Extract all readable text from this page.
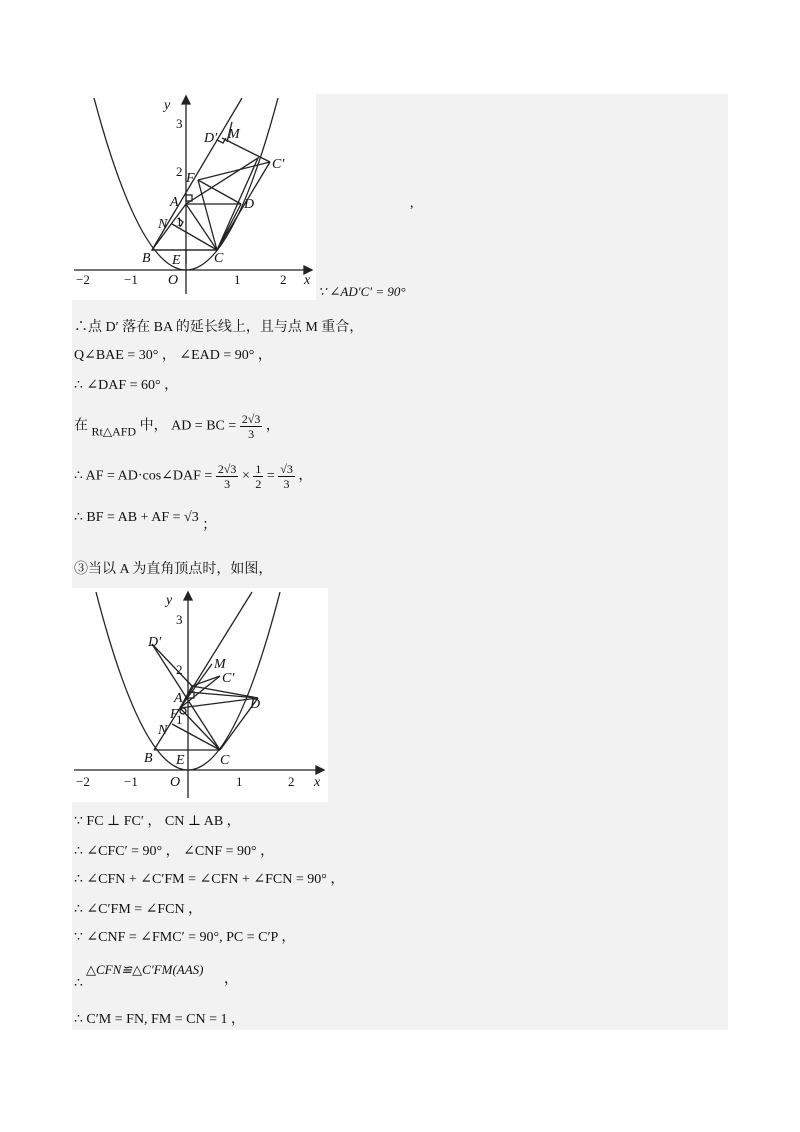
y
x
O
3
2
1
−2	−1	1	2
D′ M
C′
F
A	D
N
B E C
,
∵ ∠AD′C′ = 90°
∴点 D′ 落在 BA 的延长线上，且与点 M 重合，
Q∠BAE = 30° ， ∠EAD = 90° ，
∴ ∠DAF = 60° ，
在 Rt△AFD 中， AD = BC = $\frac{2√3}{3}$ ，
∴ AF = AD·cos∠DAF = $\frac{2√3}{3} \times \frac{1}{2} = \frac{√3}{3}$ ，
∴ BF = AB + AF = √3 ；
③当以 A 为直角顶点时，如图，
y
x
O
3
2
1
−2	−1	1	2
D′
M
C′
F
A	D
N
B E	C
∵ FC ⊥ FC′ ， CN ⊥ AB ，
∴ ∠CFC′ = 90° ， ∠CNF = 90° ，
∴ ∠CFN + ∠C′FM = ∠CFN + ∠FCN = 90° ，
∴ ∠C′FM = ∠FCN ，
∵ ∠CNF = ∠FMC′ = 90°, PC = C′P ，
△CFN≌△C′FM(AAS)
∴	，
∴ C′M = FN, FM = CN = 1 ，
